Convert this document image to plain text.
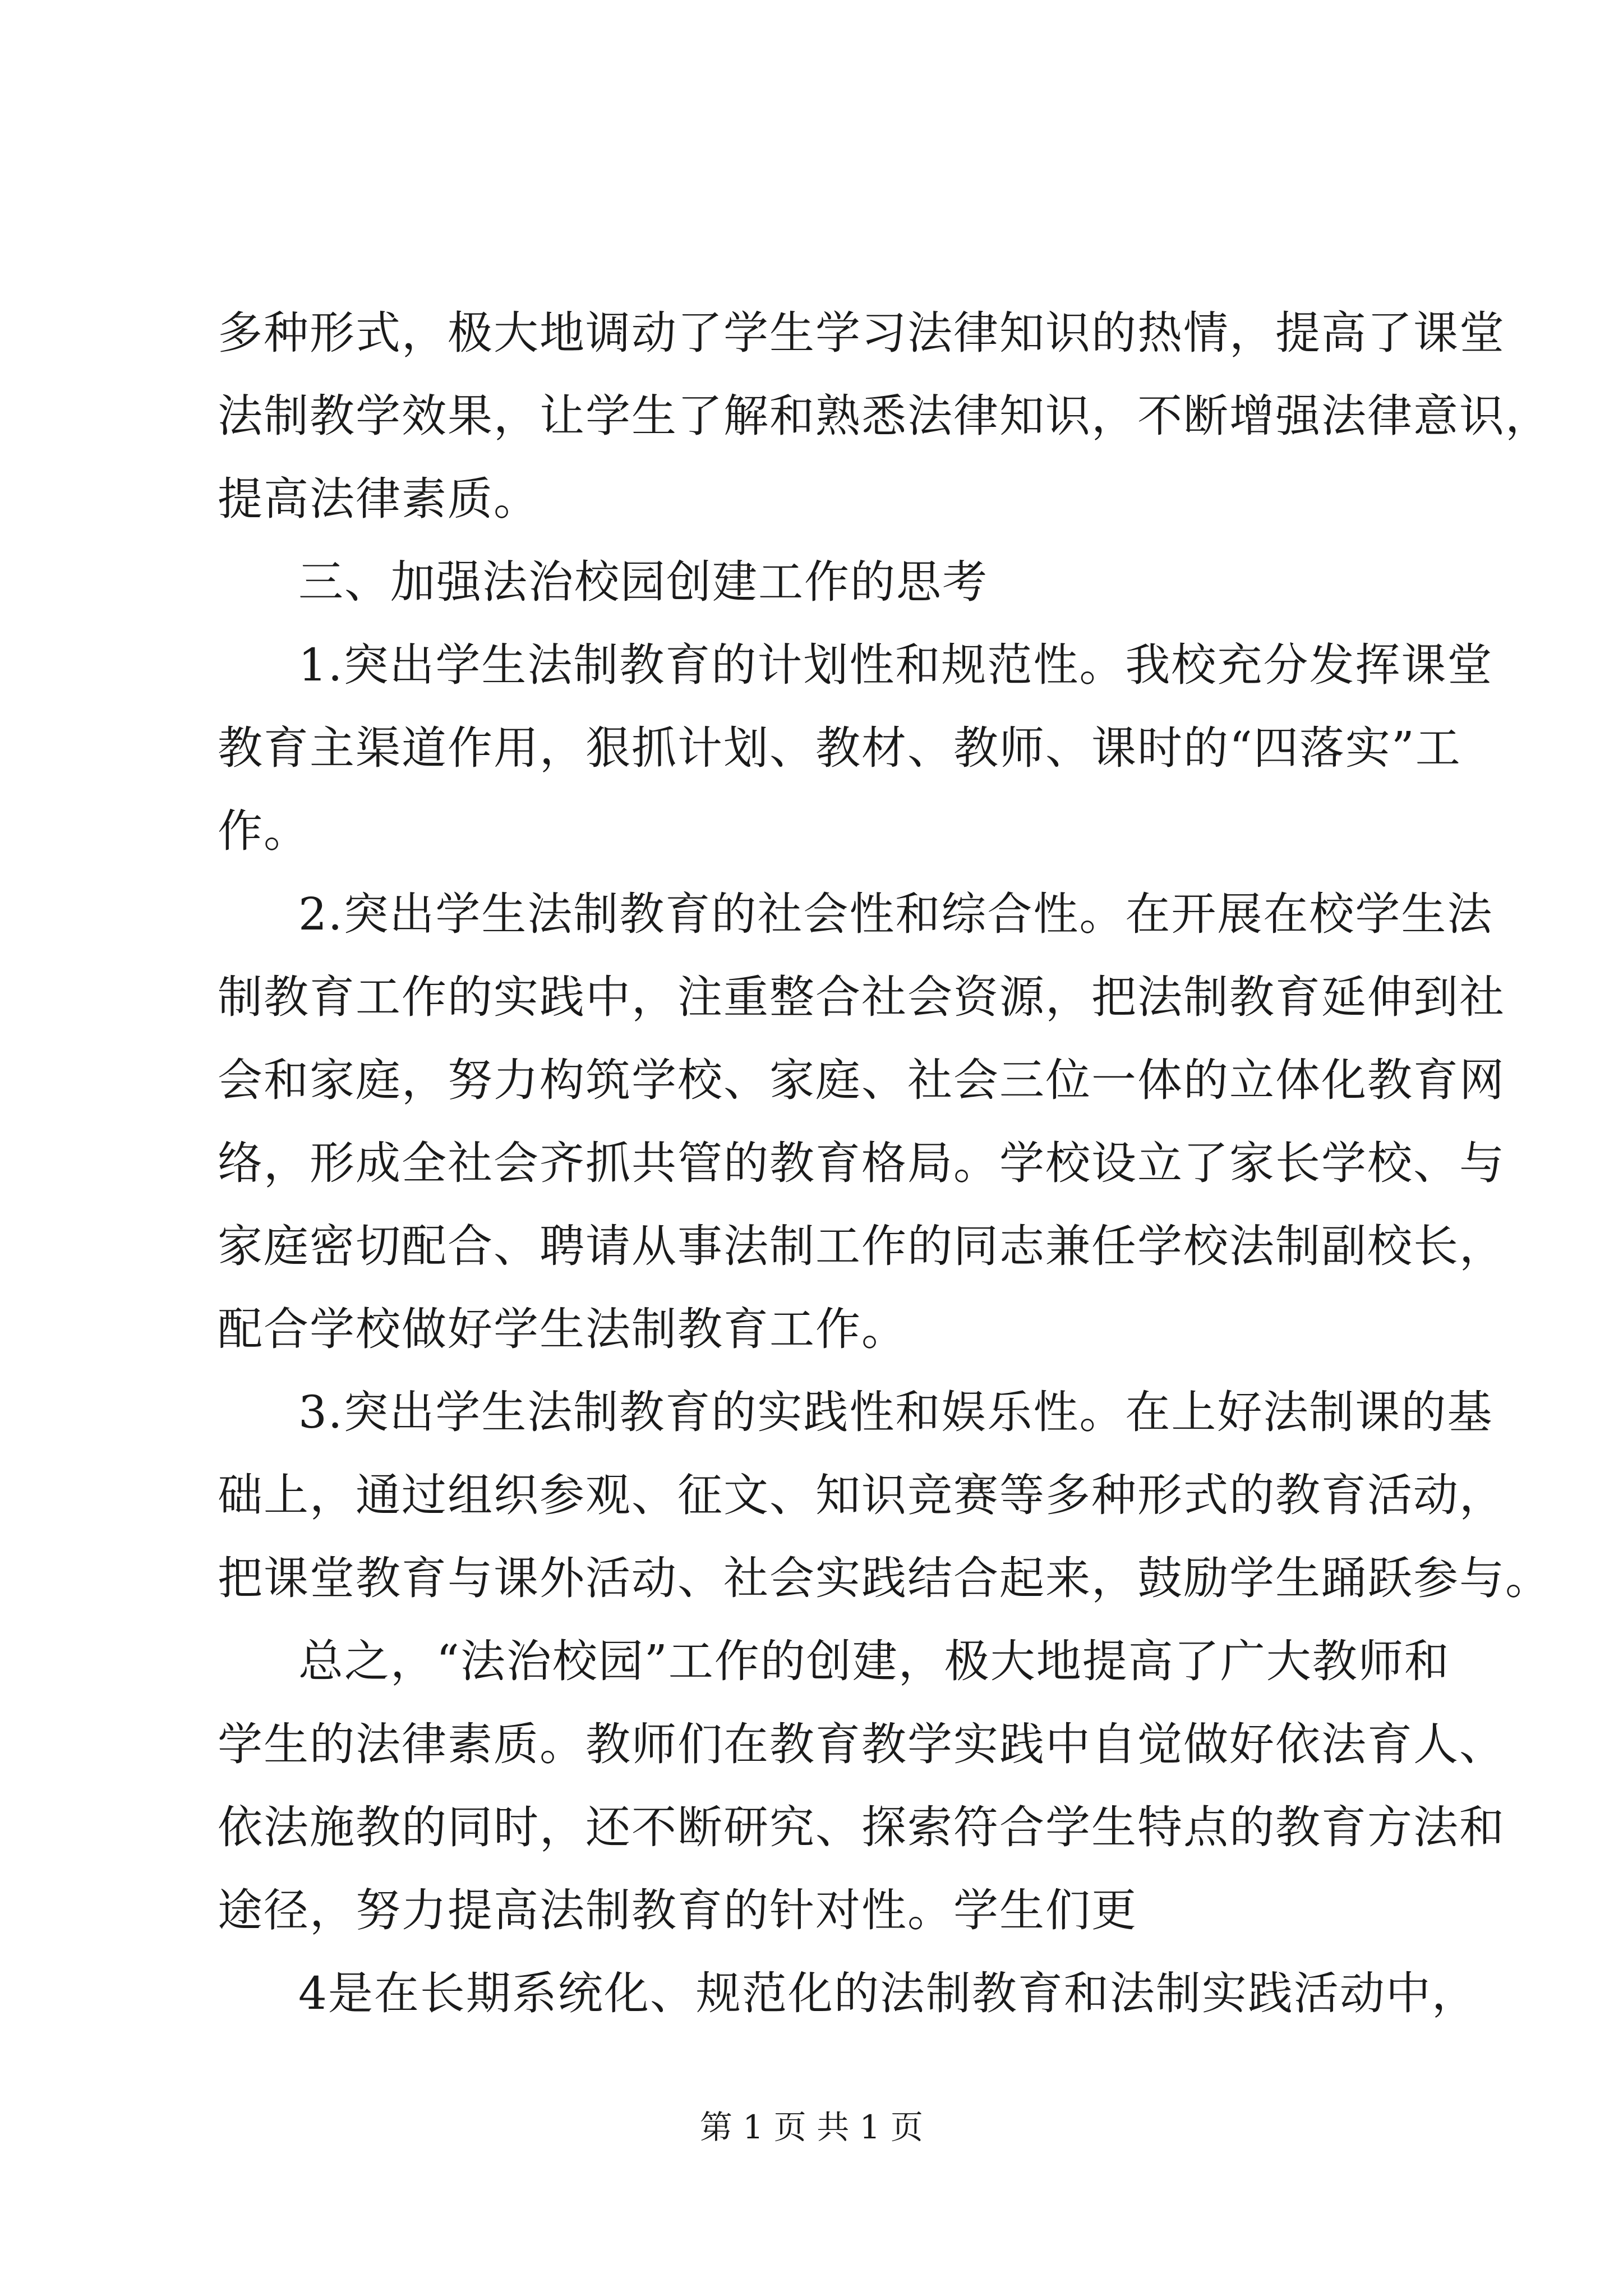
多种形式，极大地调动了学生学习法律知识的热情，提高了课堂
法制教学效果，让学生了解和熟悉法律知识，不断增强法律意识，
提高法律素质。
三、加强法治校园创建工作的思考
1.突出学生法制教育的计划性和规范性。我校充分发挥课堂
教育主渠道作用，狠抓计划、教材、教师、课时的“四落实”工
作。
2.突出学生法制教育的社会性和综合性。在开展在校学生法
制教育工作的实践中，注重整合社会资源，把法制教育延伸到社
会和家庭，努力构筑学校、家庭、社会三位一体的立体化教育网
络，形成全社会齐抓共管的教育格局。学校设立了家长学校、与
家庭密切配合、聘请从事法制工作的同志兼任学校法制副校长，
配合学校做好学生法制教育工作。
3.突出学生法制教育的实践性和娱乐性。在上好法制课的基
础上，通过组织参观、征文、知识竞赛等多种形式的教育活动，
把课堂教育与课外活动、社会实践结合起来，鼓励学生踊跃参与。
总之，“法治校园”工作的创建，极大地提高了广大教师和
学生的法律素质。教师们在教育教学实践中自觉做好依法育人、
依法施教的同时，还不断研究、探索符合学生特点的教育方法和
途径，努力提高法制教育的针对性。学生们更
4是在长期系统化、规范化的法制教育和法制实践活动中，
第 1 页 共 1 页
